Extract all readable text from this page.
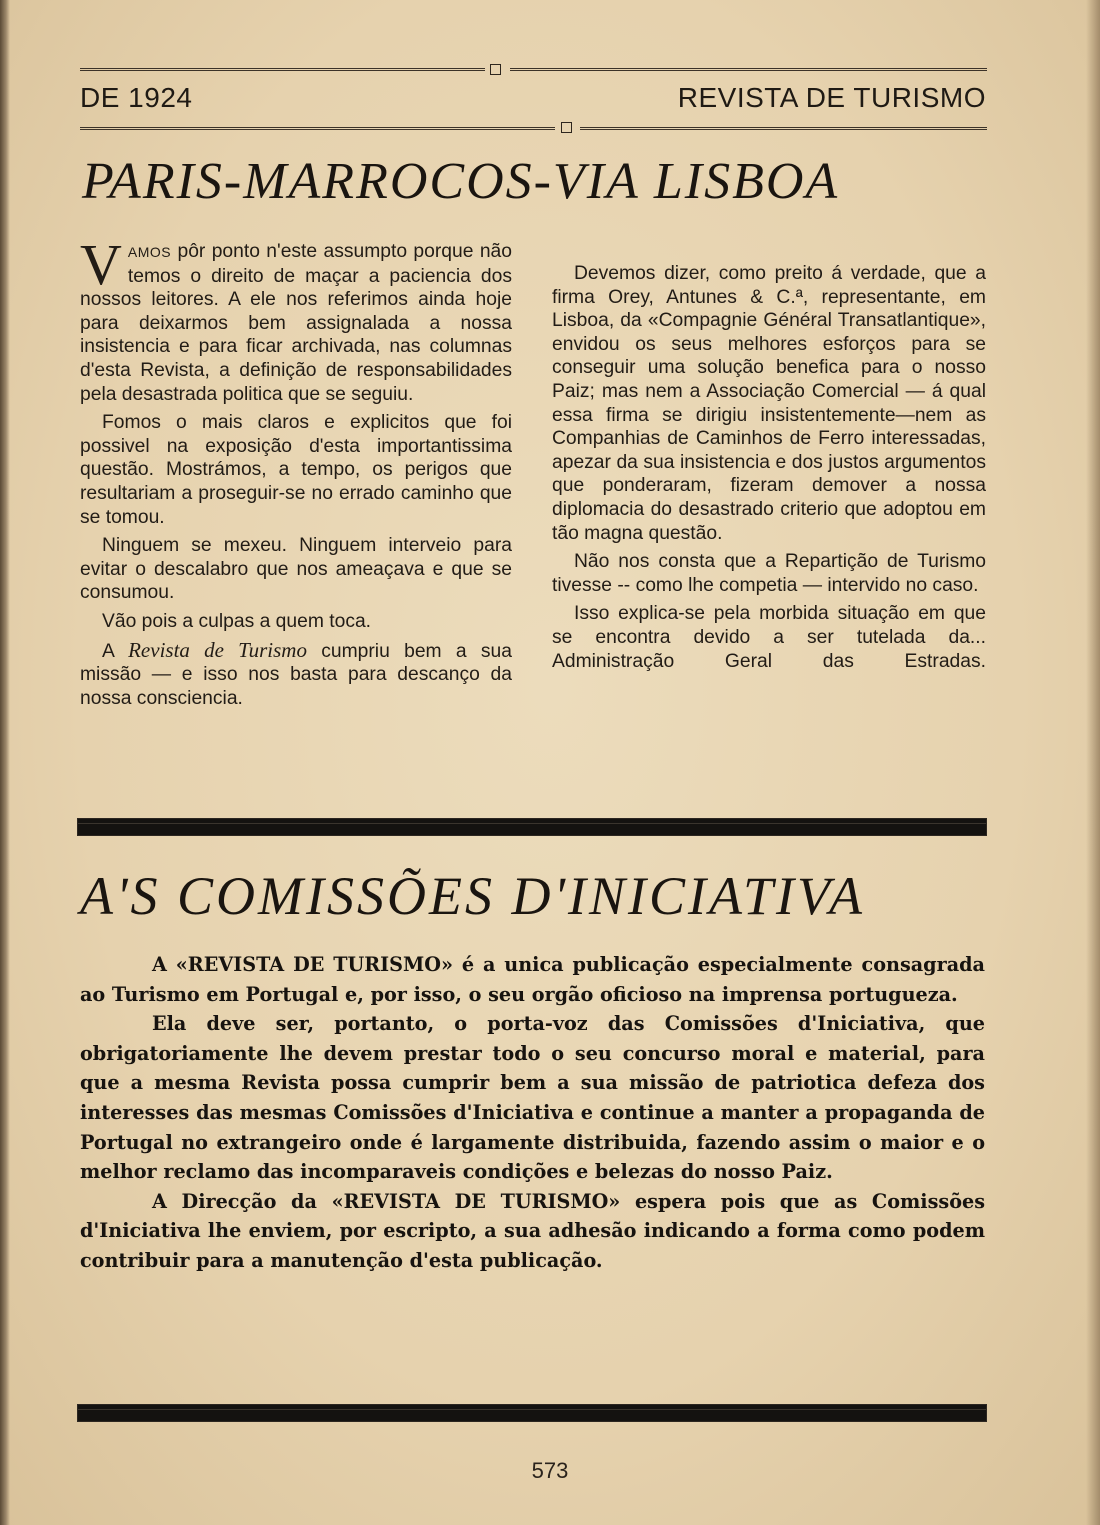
DE 1924	REVISTA DE TURISMO
PARIS-MARROCOS-VIA LISBOA

VAMOS pôr ponto n'este assumpto porque não temos o direito de maçar a paciencia dos nossos leitores. A ele nos referimos ainda hoje para deixarmos bem assignalada a nossa insistencia e para ficar archivada, nas columnas d'esta Revista, a definição de responsabilidades pela desastrada politica que se seguiu.

Fomos o mais claros e explicitos que foi possivel na exposição d'esta importantissima questão. Mostrámos, a tempo, os perigos que resultariam a proseguir-se no errado caminho que se tomou.

Ninguem se mexeu. Ninguem interveio para evitar o descalabro que nos ameaçava e que se consumou.

Vão pois a culpas a quem toca.

A Revista de Turismo cumpriu bem a sua missão — e isso nos basta para descanço da nossa consciencia.

Devemos dizer, como preito á verdade, que a firma Orey, Antunes & C.ª, representante, em Lisboa, da «Compagnie Général Transatlantique», envidou os seus melhores esforços para se conseguir uma solução benefica para o nosso Paiz; mas nem a Associação Comercial — á qual essa firma se dirigiu insistentemente—nem as Companhias de Caminhos de Ferro interessadas, apezar da sua insistencia e dos justos argumentos que ponderaram, fizeram demover a nossa diplomacia do desastrado criterio que adoptou em tão magna questão.

Não nos consta que a Repartição de Turismo tivesse -- como lhe competia — intervido no caso.

Isso explica-se pela morbida situação em que se encontra devido a ser tutelada da... Administração Geral das Estradas.

A'S COMISSÕES D'INICIATIVA

A «REVISTA DE TURISMO» é a unica publicação especialmente consagrada ao Turismo em Portugal e, por isso, o seu orgão oficioso na imprensa portugueza.

Ela deve ser, portanto, o porta-voz das Comissões d'Iniciativa, que obrigatoriamente lhe devem prestar todo o seu concurso moral e material, para que a mesma Revista possa cumprir bem a sua missão de patriotica defeza dos interesses das mesmas Comissões d'Iniciativa e continue a manter a propaganda de Portugal no extrangeiro onde é largamente distribuida, fazendo assim o maior e o melhor reclamo das incomparaveis condições e belezas do nosso Paiz.

A Direcção da «REVISTA DE TURISMO» espera pois que as Comissões d'Iniciativa lhe enviem, por escripto, a sua adhesão indicando a forma como podem contribuir para a manutenção d'esta publicação.

573
